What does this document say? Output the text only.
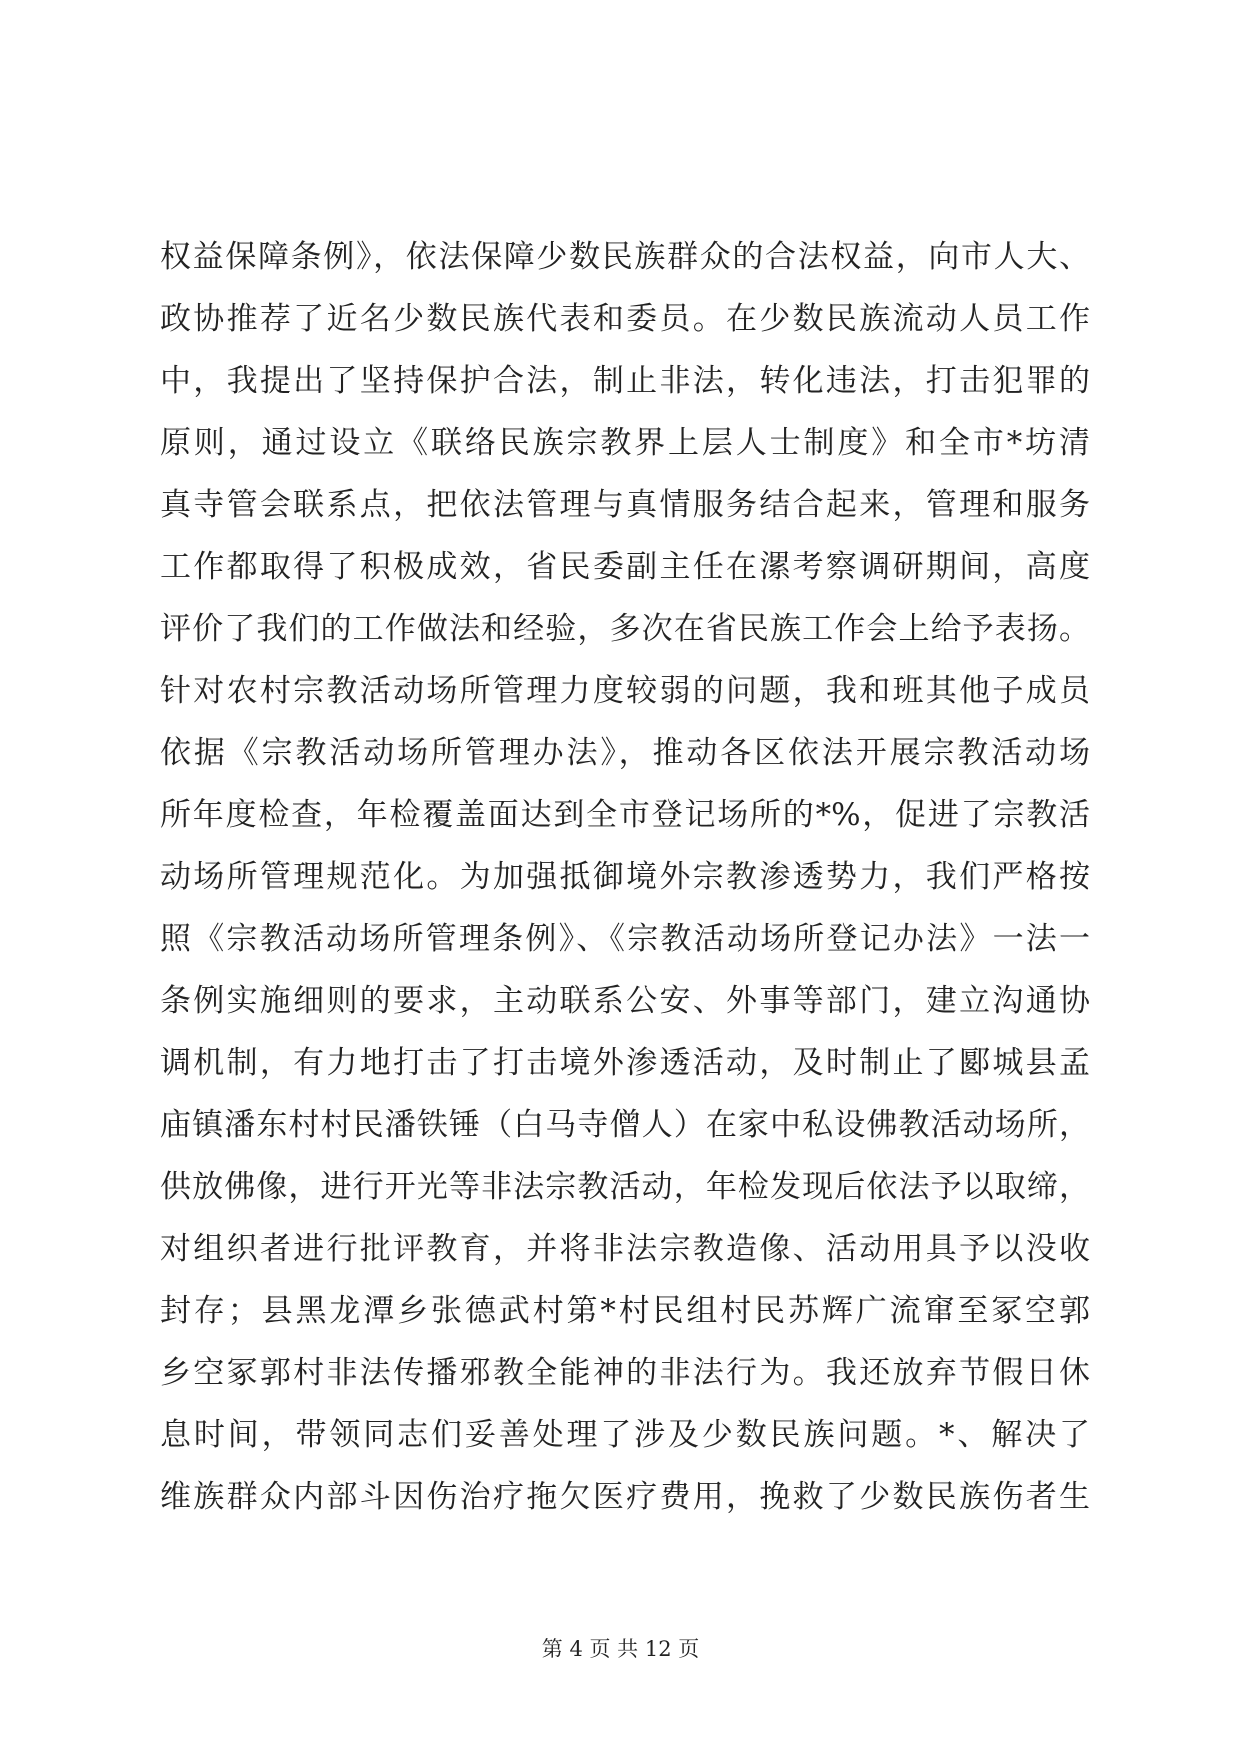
权益保障条例》，依法保障少数民族群众的合法权益，向市人大、
政协推荐了近名少数民族代表和委员。在少数民族流动人员工作
中，我提出了坚持保护合法，制止非法，转化违法，打击犯罪的
原则，通过设立《联络民族宗教界上层人士制度》和全市*坊清
真寺管会联系点，把依法管理与真情服务结合起来，管理和服务
工作都取得了积极成效，省民委副主任在漯考察调研期间，高度
评价了我们的工作做法和经验，多次在省民族工作会上给予表扬。
针对农村宗教活动场所管理力度较弱的问题，我和班其他子成员
依据《宗教活动场所管理办法》，推动各区依法开展宗教活动场
所年度检查，年检覆盖面达到全市登记场所的*%，促进了宗教活
动场所管理规范化。为加强抵御境外宗教渗透势力，我们严格按
照《宗教活动场所管理条例》、《宗教活动场所登记办法》一法一
条例实施细则的要求，主动联系公安、外事等部门，建立沟通协
调机制，有力地打击了打击境外渗透活动，及时制止了郾城县孟
庙镇潘东村村民潘铁锤（白马寺僧人）在家中私设佛教活动场所，
供放佛像，进行开光等非法宗教活动，年检发现后依法予以取缔，
对组织者进行批评教育，并将非法宗教造像、活动用具予以没收
封存；县黑龙潭乡张德武村第*村民组村民苏辉广流窜至冢空郭
乡空冢郭村非法传播邪教全能神的非法行为。我还放弃节假日休
息时间，带领同志们妥善处理了涉及少数民族问题。*、解决了
维族群众内部斗因伤治疗拖欠医疗费用，挽救了少数民族伤者生
第 4 页 共 12 页
